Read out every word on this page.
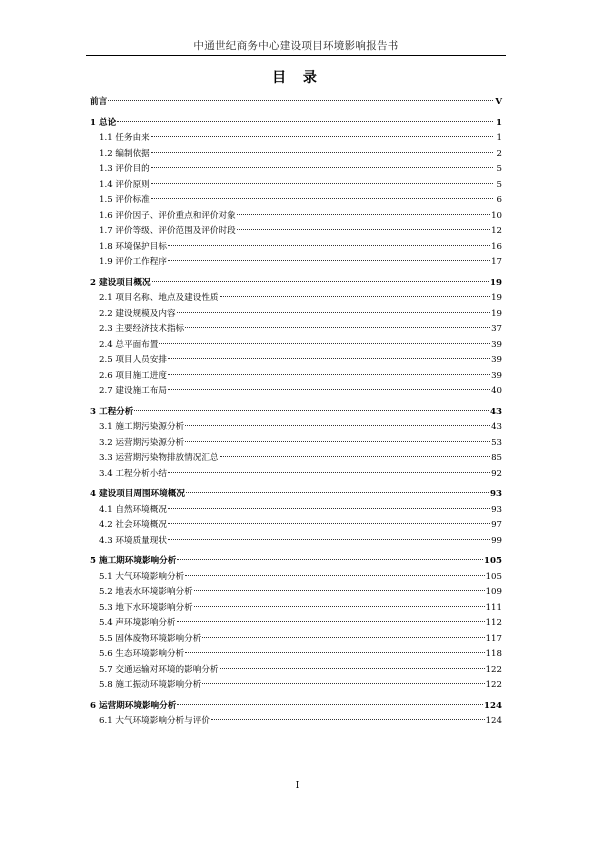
中通世纪商务中心建设项目环境影响报告书
目 录
前言	V
1 总论	1
1.1 任务由来	1
1.2 编制依据	2
1.3 评价目的	5
1.4 评价原则	5
1.5 评价标准	6
1.6 评价因子、评价重点和评价对象	10
1.7 评价等级、评价范围及评价时段	12
1.8 环境保护目标	16
1.9 评价工作程序	17
2 建设项目概况	19
2.1 项目名称、地点及建设性质	19
2.2 建设规模及内容	19
2.3 主要经济技术指标	37
2.4 总平面布置	39
2.5 项目人员安排	39
2.6 项目施工进度	39
2.7 建设施工布局	40
3 工程分析	43
3.1 施工期污染源分析	43
3.2 运营期污染源分析	53
3.3 运营期污染物排放情况汇总	85
3.4 工程分析小结	92
4 建设项目周围环境概况	93
4.1 自然环境概况	93
4.2 社会环境概况	97
4.3 环境质量现状	99
5 施工期环境影响分析	105
5.1 大气环境影响分析	105
5.2 地表水环境影响分析	109
5.3 地下水环境影响分析	111
5.4 声环境影响分析	112
5.5 固体废物环境影响分析	117
5.6 生态环境影响分析	118
5.7 交通运输对环境的影响分析	122
5.8 施工振动环境影响分析	122
6 运营期环境影响分析	124
6.1 大气环境影响分析与评价	124
I
